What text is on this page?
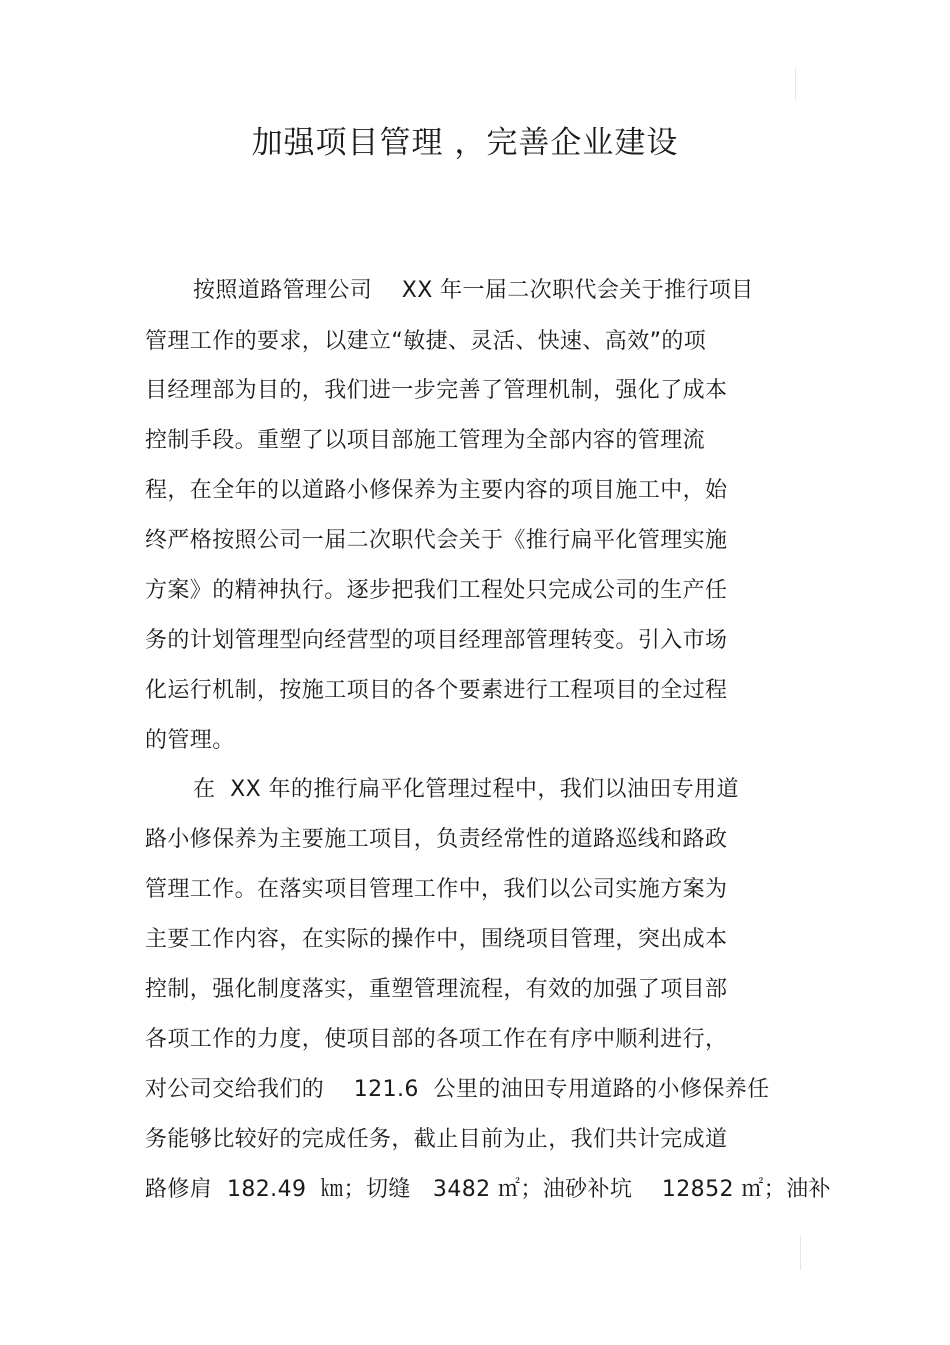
加强项目管理 ，完善企业建设

按照道路管理公司    XX 年一届二次职代会关于推行项目

管理工作的要求，以建立“敏捷、灵活、快速、高效”的项

目经理部为目的，我们进一步完善了管理机制，强化了成本

控制手段。重塑了以项目部施工管理为全部内容的管理流

程，在全年的以道路小修保养为主要内容的项目施工中，始

终严格按照公司一届二次职代会关于《推行扁平化管理实施

方案》的精神执行。逐步把我们工程处只完成公司的生产任

务的计划管理型向经营型的项目经理部管理转变。引入市场

化运行机制，按施工项目的各个要素进行工程项目的全过程

的管理。

在  XX 年的推行扁平化管理过程中，我们以油田专用道

路小修保养为主要施工项目，负责经常性的道路巡线和路政

管理工作。在落实项目管理工作中，我们以公司实施方案为

主要工作内容，在实际的操作中，围绕项目管理，突出成本

控制，强化制度落实，重塑管理流程，有效的加强了项目部

各项工作的力度，使项目部的各项工作在有序中顺利进行，

对公司交给我们的    121.6  公里的油田专用道路的小修保养任

务能够比较好的完成任务，截止目前为止，我们共计完成道

路修肩  182.49  ㎞；切缝   3482 ㎡；油砂补坑    12852 ㎡；油补
